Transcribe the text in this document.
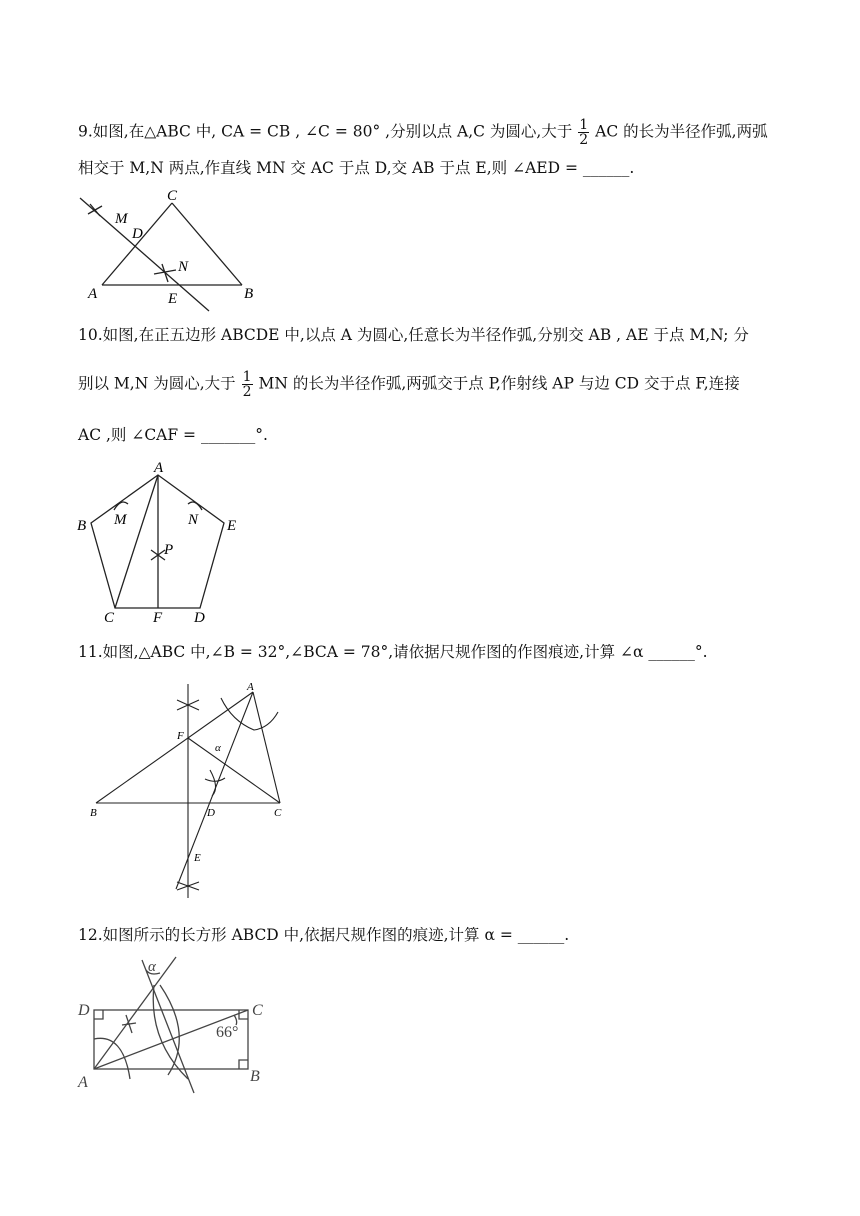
9.如图,在△ABC 中, CA = CB , ∠C = 80° ,分别以点 A,C 为圆心,大于 $\frac{1}{2}$ AC 的长为半径作弧,两弧
相交于 M,N 两点,作直线 MN 交 AC 于点 D,交 AB 于点 E,则 ∠AED = ______.
C
M
D
N
A	E	B
10.如图,在正五边形 ABCDE 中,以点 A 为圆心,任意长为半径作弧,分别交 AB , AE 于点 M,N; 分
别以 M,N 为圆心,大于 $\frac{1}{2}$ MN 的长为半径作弧,两弧交于点 P,作射线 AP 与边 CD 交于点 F,连接
AC ,则 ∠CAF = _______°.
A
B M	N E
P
C	F D
11.如图,△ABC 中,∠B = 32°,∠BCA = 78°,请依据尺规作图的作图痕迹,计算 ∠α ______°.
A
F
α
B	D	C
E
12.如图所示的长方形 ABCD 中,依据尺规作图的痕迹,计算 α = ______.
α
D	C
66°
A	B
